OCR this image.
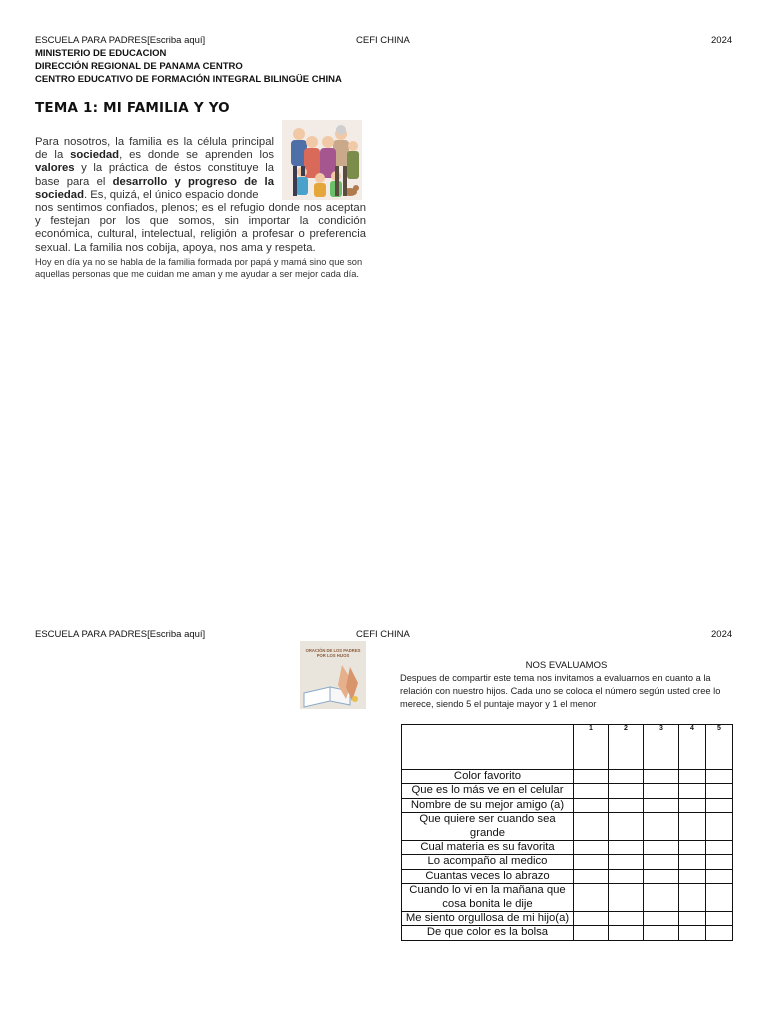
ESCUELA PARA PADRES[Escriba aquí]	CEFI CHINA	2024
MINISTERIO DE EDUCACION
DIRECCIÓN REGIONAL DE PANAMA CENTRO
CENTRO EDUCATIVO DE FORMACIÓN INTEGRAL BILINGÜE CHINA
TEMA 1: MI FAMILIA Y YO
Para nosotros, la familia es la célula principal de la sociedad, es donde se aprenden los valores y la práctica de éstos constituye la base para el desarrollo y progreso de la sociedad. Es, quizá, el único espacio donde
nos sentimos confiados, plenos; es el refugio donde nos aceptan y festejan por los que somos, sin importar la condición económica, cultural, intelectual, religión a profesar o preferencia sexual. La familia nos cobija, apoya, nos ama y respeta.
Hoy en día ya no se habla de la familia formada por papá y mamá sino que son aquellas personas que me cuidan me aman y me ayudar a ser mejor cada día.
ESCUELA PARA PADRES[Escriba aquí]	CEFI CHINA	2024
ORACIÓN DE LOS PADRES POR LOS HIJOS
NOS EVALUAMOS
Despues de compartir este tema nos invitamos a evaluarnos en cuanto a la relación con nuestro hijos. Cada uno se coloca el número según usted cree lo merece, siendo 5 el puntaje mayor y 1 el menor
	1	2	3	4	5
Color favorito					
Que es lo más ve en el celular					
Nombre de su mejor amigo (a)					
Que quiere ser cuando sea grande					
Cual materia es su favorita					
Lo acompaño al medico					
Cuantas veces lo abrazo					
Cuando lo vi en la mañana que cosa bonita le dije					
Me siento orgullosa de mi hijo(a)					
De que color es la bolsa					
